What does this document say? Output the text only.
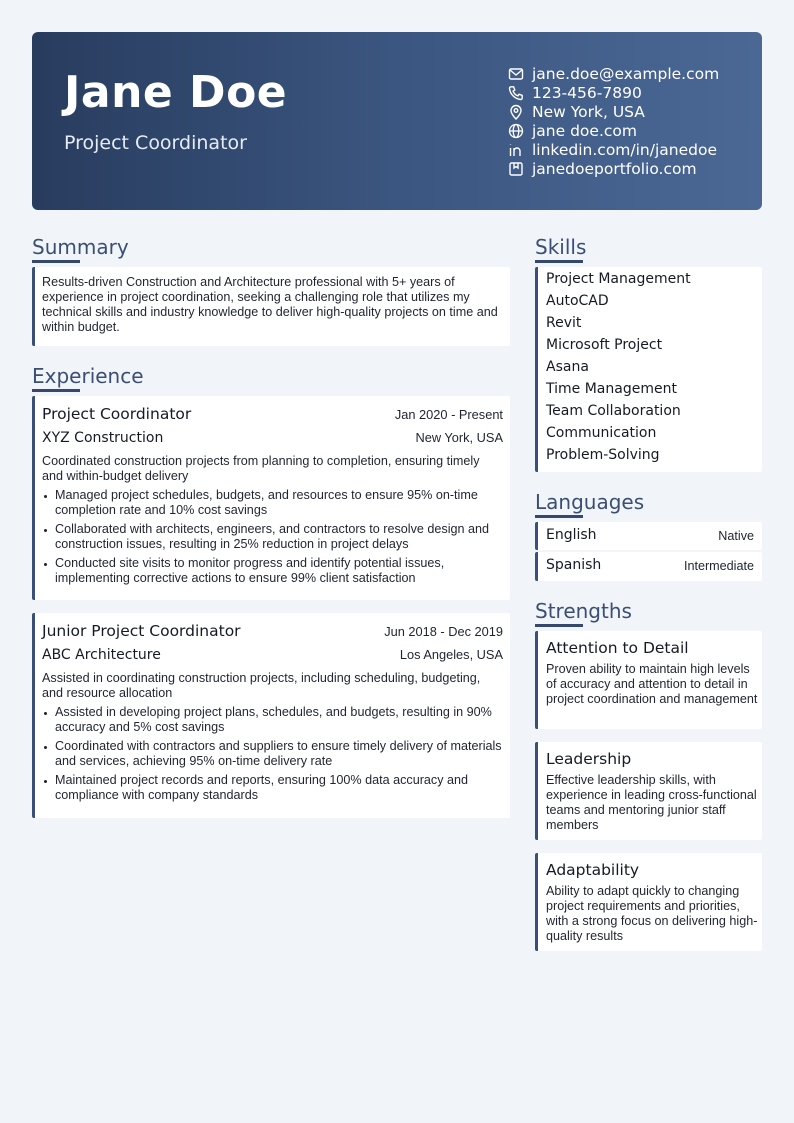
Jane Doe
Project Coordinator
jane.doe@example.com
123-456-7890
New York, USA
jane doe.com
linkedin.com/in/janedoe
janedoeportfolio.com
Summary
Results-driven Construction and Architecture professional with 5+ years of experience in project coordination, seeking a challenging role that utilizes my technical skills and industry knowledge to deliver high-quality projects on time and within budget.
Experience
Project Coordinator	Jan 2020 - Present
XYZ Construction	New York, USA
Coordinated construction projects from planning to completion, ensuring timely and within-budget delivery
Managed project schedules, budgets, and resources to ensure 95% on-time completion rate and 10% cost savings
Collaborated with architects, engineers, and contractors to resolve design and construction issues, resulting in 25% reduction in project delays
Conducted site visits to monitor progress and identify potential issues, implementing corrective actions to ensure 99% client satisfaction
Junior Project Coordinator	Jun 2018 - Dec 2019
ABC Architecture	Los Angeles, USA
Assisted in coordinating construction projects, including scheduling, budgeting, and resource allocation
Assisted in developing project plans, schedules, and budgets, resulting in 90% accuracy and 5% cost savings
Coordinated with contractors and suppliers to ensure timely delivery of materials and services, achieving 95% on-time delivery rate
Maintained project records and reports, ensuring 100% data accuracy and compliance with company standards
Skills
Project Management
AutoCAD
Revit
Microsoft Project
Asana
Time Management
Team Collaboration
Communication
Problem-Solving
Languages
English	Native
Spanish	Intermediate
Strengths
Attention to Detail
Proven ability to maintain high levels of accuracy and attention to detail in project coordination and management
Leadership
Effective leadership skills, with experience in leading cross-functional teams and mentoring junior staff members
Adaptability
Ability to adapt quickly to changing project requirements and priorities, with a strong focus on delivering high-quality results
